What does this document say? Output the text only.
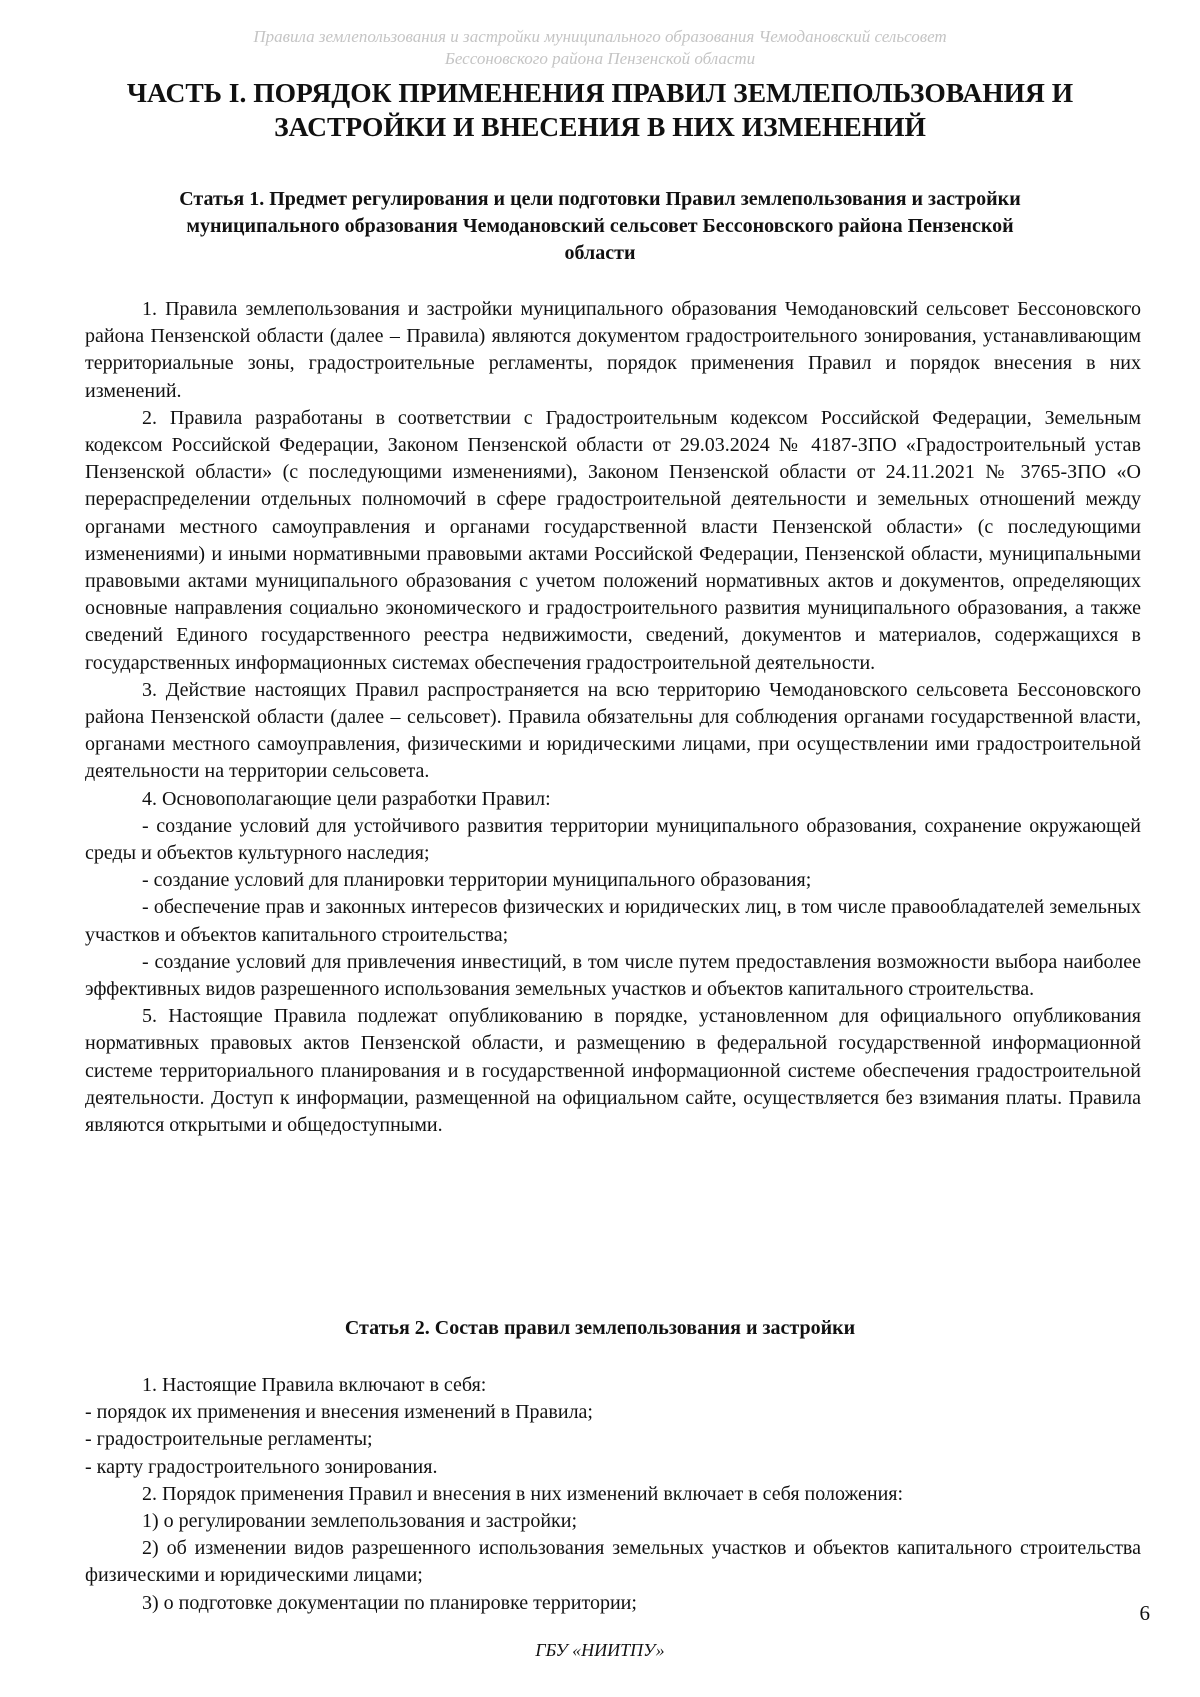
Правила землепользования и застройки муниципального образования Чемодановский сельсовет
Бессоновского района Пензенской области
ЧАСТЬ I. ПОРЯДОК ПРИМЕНЕНИЯ ПРАВИЛ ЗЕМЛЕПОЛЬЗОВАНИЯ И
ЗАСТРОЙКИ И ВНЕСЕНИЯ В НИХ ИЗМЕНЕНИЙ
Статья 1. Предмет регулирования и цели подготовки Правил землепользования и застройки
муниципального образования Чемодановский сельсовет Бессоновского района Пензенской
области

1. Правила землепользования и застройки муниципального образования Чемодановский сельсовет Бессоновского района Пензенской области (далее – Правила) являются документом градостроительного зонирования, устанавливающим территориальные зоны, градостроительные регламенты, порядок применения Правил и порядок внесения в них изменений.

2. Правила разработаны в соответствии с Градостроительным кодексом Российской Федерации, Земельным кодексом Российской Федерации, Законом Пензенской области от 29.03.2024 № 4187-ЗПО «Градостроительный устав Пензенской области» (с последующими изменениями), Законом Пензенской области от 24.11.2021 № 3765-ЗПО «О перераспределении отдельных полномочий в сфере градостроительной деятельности и земельных отношений между органами местного самоуправления и органами государственной власти Пензенской области» (с последующими изменениями) и иными нормативными правовыми актами Российской Федерации, Пензенской области, муниципальными правовыми актами муниципального образования с учетом положений нормативных актов и документов, определяющих основные направления социально экономического и градостроительного развития муниципального образования, а также сведений Единого государственного реестра недвижимости, сведений, документов и материалов, содержащихся в государственных информационных системах обеспечения градостроительной деятельности.

3. Действие настоящих Правил распространяется на всю территорию Чемодановского сельсовета Бессоновского района Пензенской области (далее – сельсовет). Правила обязательны для соблюдения органами государственной власти, органами местного самоуправления, физическими и юридическими лицами, при осуществлении ими градостроительной деятельности на территории сельсовета.

4. Основополагающие цели разработки Правил:

- создание условий для устойчивого развития территории муниципального образования, сохранение окружающей среды и объектов культурного наследия;

- создание условий для планировки территории муниципального образования;

- обеспечение прав и законных интересов физических и юридических лиц, в том числе правообладателей земельных участков и объектов капитального строительства;

- создание условий для привлечения инвестиций, в том числе путем предоставления возможности выбора наиболее эффективных видов разрешенного использования земельных участков и объектов капитального строительства.

5. Настоящие Правила подлежат опубликованию в порядке, установленном для официального опубликования нормативных правовых актов Пензенской области, и размещению в федеральной государственной информационной системе территориального планирования и в государственной информационной системе обеспечения градостроительной деятельности. Доступ к информации, размещенной на официальном сайте, осуществляется без взимания платы. Правила являются открытыми и общедоступными.

Статья 2. Состав правил землепользования и застройки

1. Настоящие Правила включают в себя:

- порядок их применения и внесения изменений в Правила;

- градостроительные регламенты;

- карту градостроительного зонирования.

2. Порядок применения Правил и внесения в них изменений включает в себя положения:

1) о регулировании землепользования и застройки;

2) об изменении видов разрешенного использования земельных участков и объектов капитального строительства физическими и юридическими лицами;

3) о подготовке документации по планировке территории;	6
ГБУ «НИИТПУ»
